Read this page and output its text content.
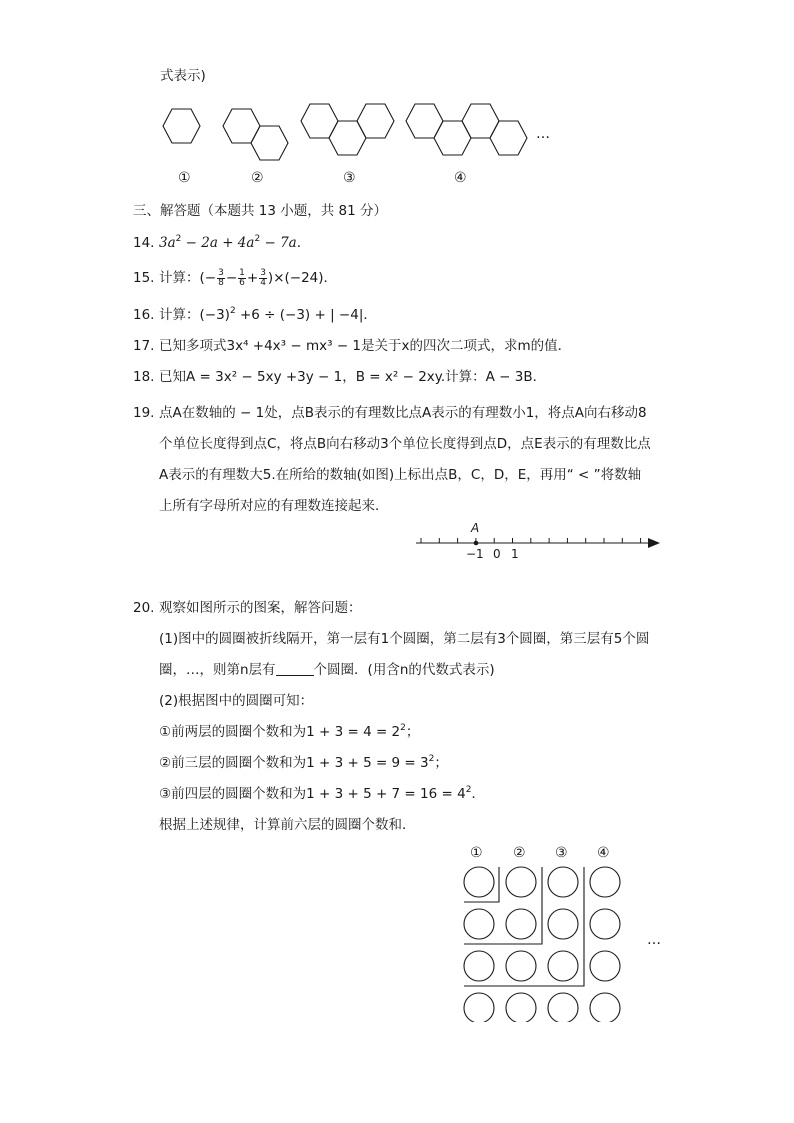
式表示)
…
①	②	③	④
三、解答题（本题共 13 小题，共 81 分）
14. $3a^2 - 2a + 4a^2 - 7a$．
15. 计算：(− $\frac{3}{8} - \frac{1}{6} + \frac{3}{4} )\times(-24)$．
16. 计算：$(-3)^2 +6 \div (-3)$ + | −4|．
17. 已知多项式3x⁴ +4x³ − mx³ − 1是关于x的四次二项式，求m的值．
18. 已知A = 3x² − 5xy +3y − 1，B = x² − 2xy.计算：A − 3B．
19. 点A在数轴的 − 1处，点B表示的有理数比点A表示的有理数小1，将点A向右移动8
个单位长度得到点C，将点B向右移动3个单位长度得到点D，点E表示的有理数比点
A表示的有理数大5.在所给的数轴(如图)上标出点B，C，D，E，再用“ < ”将数轴
上所有字母所对应的有理数连接起来．
A
−1 0 1
20. 观察如图所示的图案，解答问题：
(1)图中的圆圈被折线隔开，第一层有1个圆圈，第二层有3个圆圈，第三层有5个圆
圈，…，则第n层有	个圆圈．(用含n的代数式表示)
(2)根据图中的圆圈可知：
①前两层的圆圈个数和为$1 + 3 = 4 = 2^2$；
②前三层的圆圈个数和为$1 + 3 + 5 = 9 = 3^2$；
③前四层的圆圈个数和为$1 + 3 + 5 + 7 = 16 = 4^2$．
根据上述规律，计算前六层的圆圈个数和．
① ② ③ ④
…
